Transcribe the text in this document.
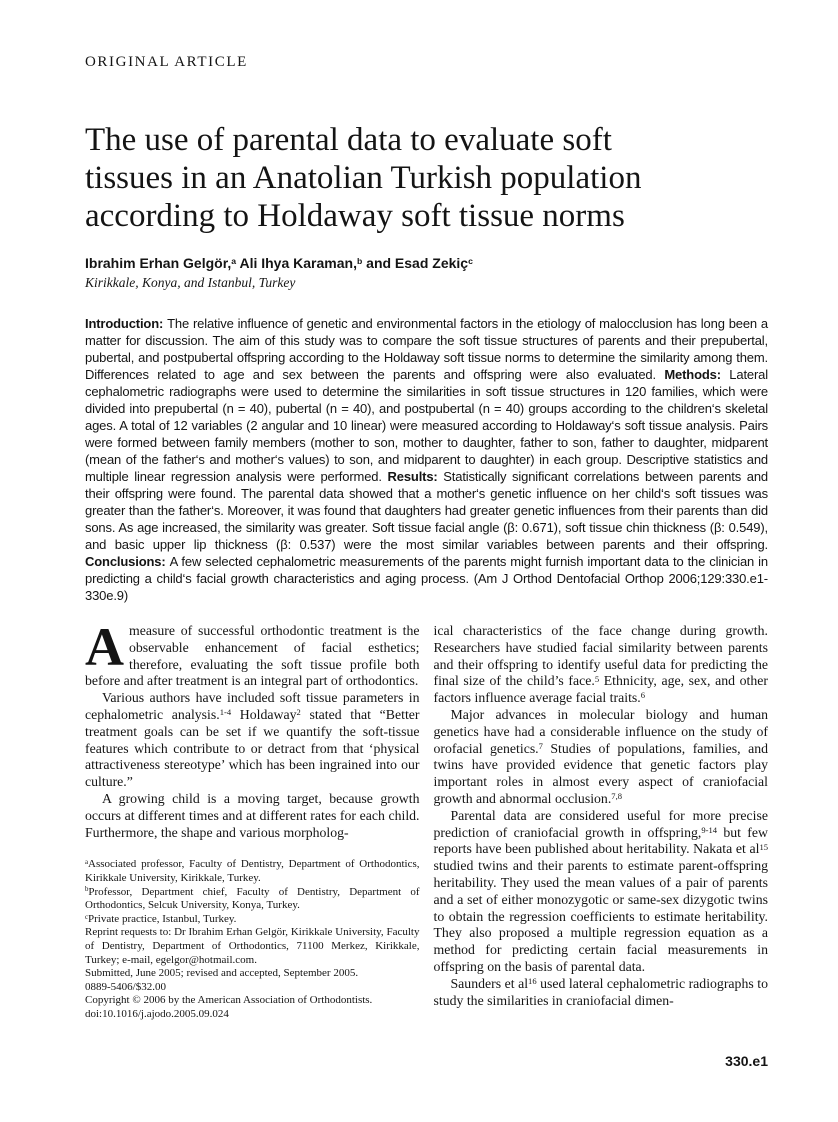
ORIGINAL ARTICLE
The use of parental data to evaluate soft
tissues in an Anatolian Turkish population
according to Holdaway soft tissue norms
Ibrahim Erhan Gelgör,$^a$ Ali Ihya Karaman,$^b$ and Esad Zekiç$^c$
Kirikkale, Konya, and Istanbul, Turkey
Introduction: The relative influence of genetic and environmental factors in the etiology of malocclusion has long been a matter for discussion. The aim of this study was to compare the soft tissue structures of parents and their prepubertal, pubertal, and postpubertal offspring according to the Holdaway soft tissue norms to determine the similarity among them. Differences related to age and sex between the parents and offspring were also evaluated. Methods: Lateral cephalometric radiographs were used to determine the similarities in soft tissue structures in 120 families, which were divided into prepubertal (n = 40), pubertal (n = 40), and postpubertal (n = 40) groups according to the children‘s skeletal ages. A total of 12 variables (2 angular and 10 linear) were measured according to Holdaway‘s soft tissue analysis. Pairs were formed between family members (mother to son, mother to daughter, father to son, father to daughter, midparent (mean of the father‘s and mother‘s values) to son, and midparent to daughter) in each group. Descriptive statistics and multiple linear regression analysis were performed. Results: Statistically significant correlations between parents and their offspring were found. The parental data showed that a mother‘s genetic influence on her child‘s soft tissues was greater than the father‘s. Moreover, it was found that daughters had greater genetic influences from their parents than did sons. As age increased, the similarity was greater. Soft tissue facial angle (β: 0.671), soft tissue chin thickness (β: 0.549), and basic upper lip thickness (β: 0.537) were the most similar variables between parents and their offspring. Conclusions: A few selected cephalometric measurements of the parents might furnish important data to the clinician in predicting a child‘s facial growth characteristics and aging process. (Am J Orthod Dentofacial Orthop 2006;129:330.e1-330e.9)

Ameasure of successful orthodontic treatment is the observable enhancement of facial esthetics; therefore, evaluating the soft tissue profile both before and after treatment is an integral part of orthodontics.

Various authors have included soft tissue parameters in cephalometric analysis.$^{1-4}$ Holdaway$^2$ stated that “Better treatment goals can be set if we quantify the soft-tissue features which contribute to or detract from that ‘physical attractiveness stereotype’ which has been ingrained into our culture.”

A growing child is a moving target, because growth occurs at different times and at different rates for each child. Furthermore, the shape and various morpholog-

$^a$Associated professor, Faculty of Dentistry, Department of Orthodontics, Kirikkale University, Kirikkale, Turkey.
$^b$Professor, Department chief, Faculty of Dentistry, Department of Orthodontics, Selcuk University, Konya, Turkey.
$^c$Private practice, Istanbul, Turkey.
Reprint requests to: Dr Ibrahim Erhan Gelgör, Kirikkale University, Faculty of Dentistry, Department of Orthodontics, 71100 Merkez, Kirikkale, Turkey; e-mail, egelgor@hotmail.com.
Submitted, June 2005; revised and accepted, September 2005.
0889-5406/$32.00
Copyright © 2006 by the American Association of Orthodontists.
doi:10.1016/j.ajodo.2005.09.024

ical characteristics of the face change during growth. Researchers have studied facial similarity between parents and their offspring to identify useful data for predicting the final size of the child’s face.$^5$ Ethnicity, age, sex, and other factors influence average facial traits.$^6$

Major advances in molecular biology and human genetics have had a considerable influence on the study of orofacial genetics.$^7$ Studies of populations, families, and twins have provided evidence that genetic factors play important roles in almost every aspect of craniofacial growth and abnormal occlusion.$^{7,8}$

Parental data are considered useful for more precise prediction of craniofacial growth in offspring,$^{9-14}$ but few reports have been published about heritability. Nakata et $al^{15}$ studied twins and their parents to estimate parent-offspring heritability. They used the mean values of a pair of parents and a set of either monozygotic or same-sex dizygotic twins to obtain the regression coefficients to estimate heritability. They also proposed a multiple regression equation as a method for predicting certain facial measurements in offspring on the basis of parental data.

Saunders et $al^{16}$ used lateral cephalometric radiographs to study the similarities in craniofacial dimen-

330.e1
